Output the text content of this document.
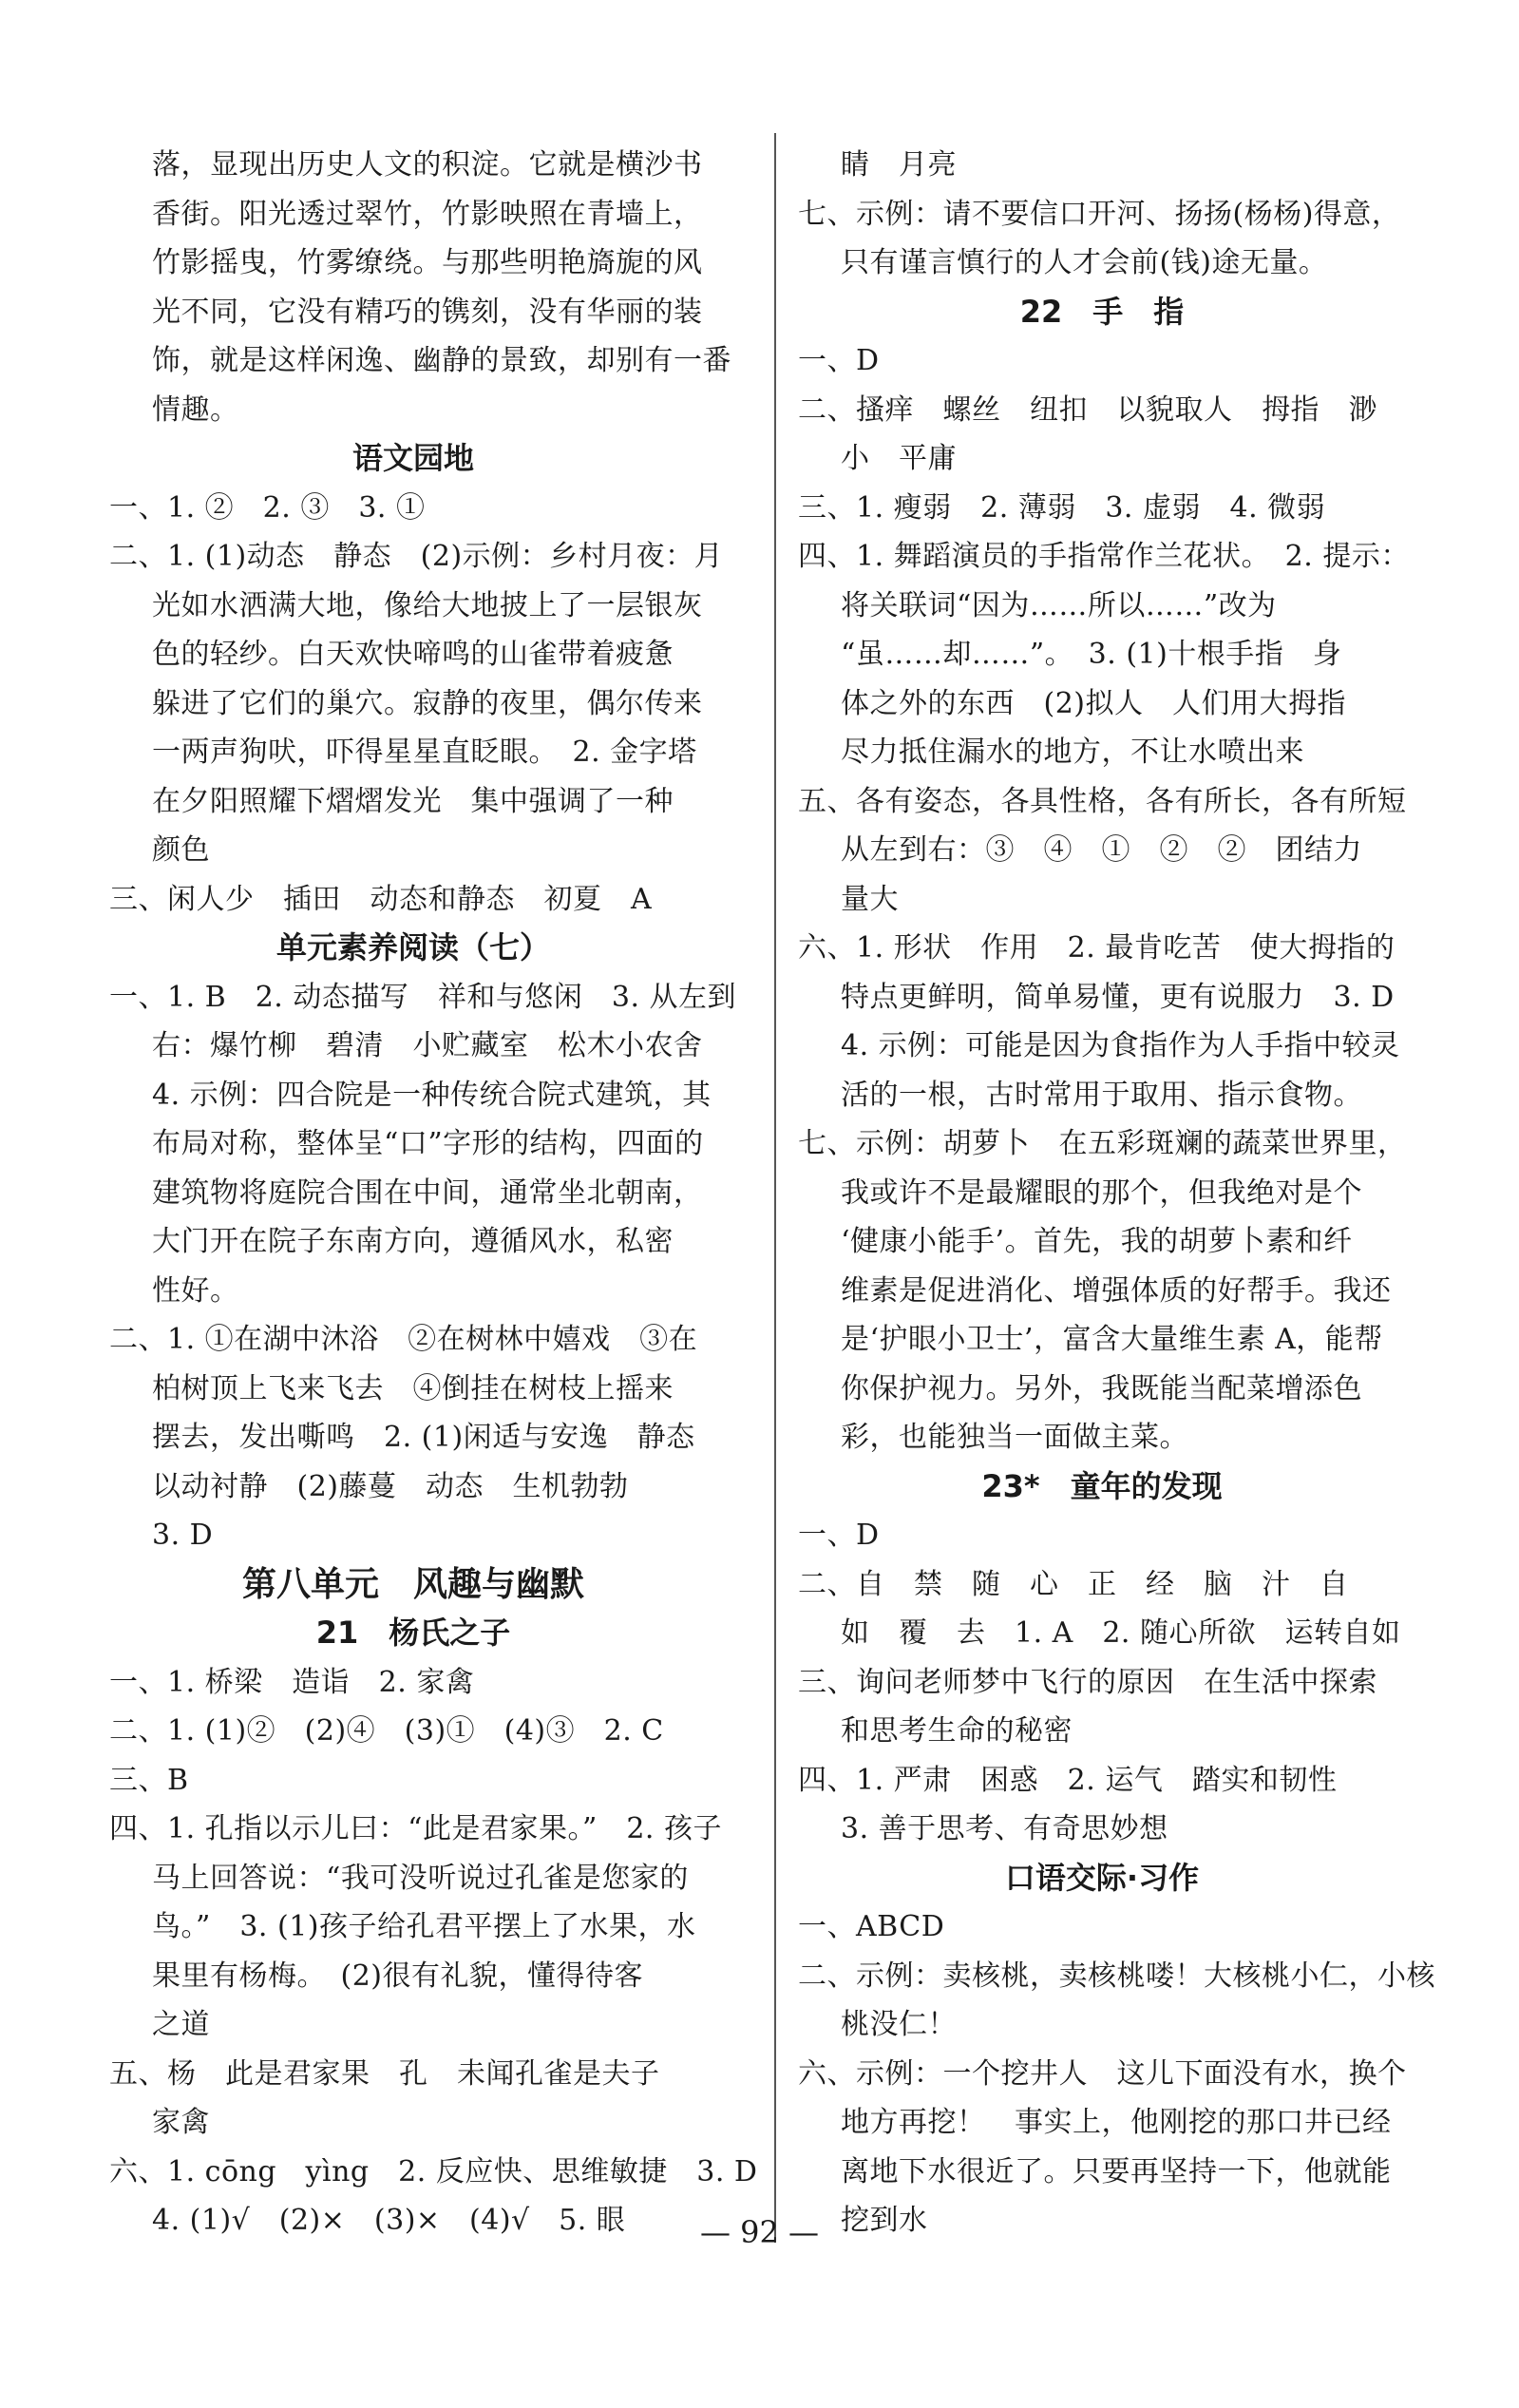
落，显现出历史人文的积淀。它就是横沙书
香街。阳光透过翠竹，竹影映照在青墙上，
竹影摇曳，竹雾缭绕。与那些明艳旖旎的风
光不同，它没有精巧的镌刻，没有华丽的装
饰，就是这样闲逸、幽静的景致，却别有一番
情趣。
语文园地
一、1. ②　2. ③　3. ①
二、1. (1)动态　静态　(2)示例：乡村月夜：月
光如水洒满大地，像给大地披上了一层银灰
色的轻纱。白天欢快啼鸣的山雀带着疲惫
躲进了它们的巢穴。寂静的夜里，偶尔传来
一两声狗吠，吓得星星直眨眼。　2. 金字塔
在夕阳照耀下熠熠发光　集中强调了一种
颜色
三、闲人少　插田　动态和静态　初夏　A
单元素养阅读（七）
一、1. B　2. 动态描写　祥和与悠闲　3. 从左到
右：爆竹柳　碧清　小贮藏室　松木小农舍
4. 示例：四合院是一种传统合院式建筑，其
布局对称，整体呈“口”字形的结构，四面的
建筑物将庭院合围在中间，通常坐北朝南，
大门开在院子东南方向，遵循风水，私密
性好。
二、1. ①在湖中沐浴　②在树林中嬉戏　③在
柏树顶上飞来飞去　④倒挂在树枝上摇来
摆去，发出嘶鸣　2. (1)闲适与安逸　静态
以动衬静　(2)藤蔓　动态　生机勃勃
3. D
第八单元　风趣与幽默
21　杨氏之子
一、1. 桥梁　造诣　2. 家禽
二、1. (1)②　(2)④　(3)①　(4)③　2. C
三、B
四、1. 孔指以示儿曰：“此是君家果。”　2. 孩子
马上回答说：“我可没听说过孔雀是您家的
鸟。”　3. (1)孩子给孔君平摆上了水果，水
果里有杨梅。　(2)很有礼貌，懂得待客
之道
五、杨　此是君家果　孔　未闻孔雀是夫子
家禽
六、1. cōng　yìng　2. 反应快、思维敏捷　3. D
4. (1)√　(2)×　(3)×　(4)√　5. 眼
睛　月亮
七、示例：请不要信口开河、扬扬(杨杨)得意，
只有谨言慎行的人才会前(钱)途无量。
22　手　指
一、D
二、搔痒　螺丝　纽扣　以貌取人　拇指　渺
小　平庸
三、1. 瘦弱　2. 薄弱　3. 虚弱　4. 微弱
四、1. 舞蹈演员的手指常作兰花状。　2. 提示：
将关联词“因为……所以……”改为
“虽……却……”。　3. (1)十根手指　身
体之外的东西　(2)拟人　人们用大拇指
尽力抵住漏水的地方，不让水喷出来
五、各有姿态，各具性格，各有所长，各有所短
从左到右：③　④　①　②　②　团结力
量大
六、1. 形状　作用　2. 最肯吃苦　使大拇指的
特点更鲜明，简单易懂，更有说服力　3. D
4. 示例：可能是因为食指作为人手指中较灵
活的一根，古时常用于取用、指示食物。
七、示例：胡萝卜　在五彩斑斓的蔬菜世界里，
我或许不是最耀眼的那个，但我绝对是个
‘健康小能手’。首先，我的胡萝卜素和纤
维素是促进消化、增强体质的好帮手。我还
是‘护眼小卫士’，富含大量维生素 A，能帮
你保护视力。另外，我既能当配菜增添色
彩，也能独当一面做主菜。
23*　童年的发现
一、D
二、自　禁　随　心　正　经　脑　汁　自
如　覆　去　1. A　2. 随心所欲　运转自如
三、询问老师梦中飞行的原因　在生活中探索
和思考生命的秘密
四、1. 严肃　困惑　2. 运气　踏实和韧性
3. 善于思考、有奇思妙想
口语交际·习作
一、ABCD
二、示例：卖核桃，卖核桃喽！大核桃小仁，小核
桃没仁！
六、示例：一个挖井人　这儿下面没有水，换个
地方再挖！　事实上，他刚挖的那口井已经
离地下水很近了。只要再坚持一下，他就能
挖到水
— 92 —
